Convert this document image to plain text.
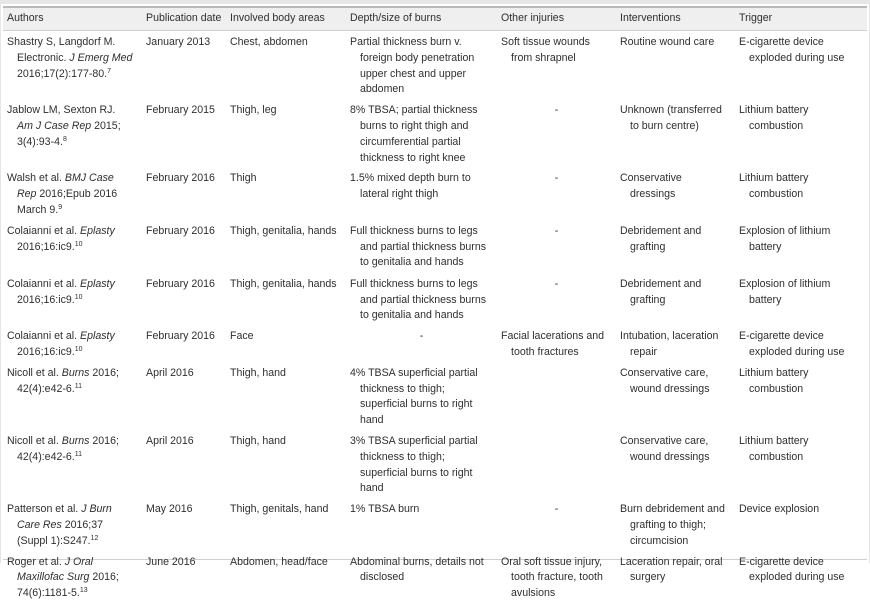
Authors	Publication date	Involved body areas	Depth/size of burns	Other injuries	Interventions	Trigger

Shastry S, Langdorf M.
Electronic. J Emerg Med
2016;17(2):177-80.$^7$	January 2013	Chest, abdomen	Partial thickness burn v.
foreign body penetration
upper chest and upper
abdomen	Soft tissue wounds
from shrapnel	Routine wound care	E-cigarette device
exploded during use

Jablow LM, Sexton RJ.
Am J Case Rep 2015;
3(4):93-4.$^8$	February 2015	Thigh, leg	8% TBSA; partial thickness
burns to right thigh and
circumferential partial
thickness to right knee	-	Unknown (transferred
to burn centre)	Lithium battery
combustion

Walsh et al. BMJ Case
Rep 2016;Epub 2016
March 9.$^9$	February 2016	Thigh	1.5% mixed depth burn to
lateral right thigh	-	Conservative
dressings	Lithium battery
combustion

Colaianni et al. Eplasty
2016;16:ic9.10	February 2016	Thigh, genitalia, hands	Full thickness burns to legs
and partial thickness burns
to genitalia and hands	-	Debridement and
grafting	Explosion of lithium
battery

Colaianni et al. Eplasty
2016;16:ic9.10	February 2016	Thigh, genitalia, hands	Full thickness burns to legs
and partial thickness burns
to genitalia and hands	-	Debridement and
grafting	Explosion of lithium
battery

Colaianni et al. Eplasty
2016;16:ic9.10	February 2016	Face	-	Facial lacerations and
tooth fractures	Intubation, laceration
repair	E-cigarette device
exploded during use

Nicoll et al. Burns 2016;
42(4):e42-6.11	April 2016	Thigh, hand	4% TBSA superficial partial
thickness to thigh;
superficial burns to right
hand		Conservative care,
wound dressings	Lithium battery
combustion

Nicoll et al. Burns 2016;
42(4):e42-6.11	April 2016	Thigh, hand	3% TBSA superficial partial
thickness to thigh;
superficial burns to right
hand		Conservative care,
wound dressings	Lithium battery
combustion

Patterson et al. J Burn
Care Res 2016;37
(Suppl 1):S247.12	May 2016	Thigh, genitals, hand	1% TBSA burn	-	Burn debridement and
grafting to thigh;
circumcision	Device explosion

Roger et al. J Oral
Maxillofac Surg 2016;
74(6):1181-5.13	June 2016	Abdomen, head/face	Abdominal burns, details not
disclosed	Oral soft tissue injury,
tooth fracture, tooth
avulsions	Laceration repair, oral
surgery	E-cigarette device
exploded during use
